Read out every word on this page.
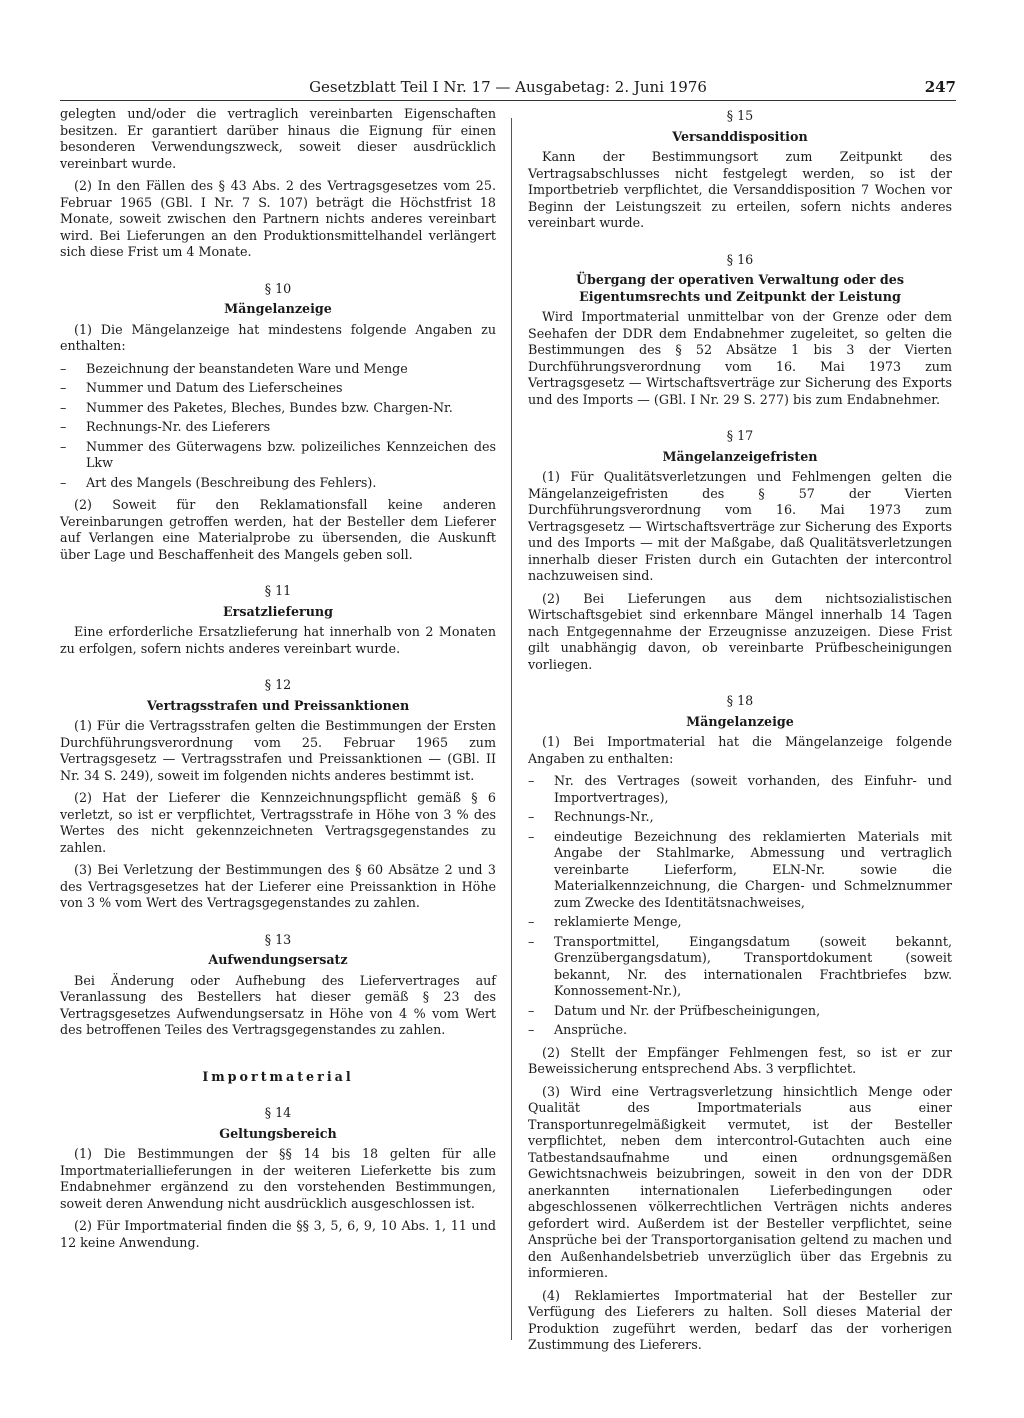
Gesetzblatt Teil I Nr. 17 — Ausgabetag: 2. Juni 1976	247

gelegten und/oder die vertraglich vereinbarten Eigenschaften besitzen. Er garantiert darüber hinaus die Eignung für einen besonderen Verwendungszweck, soweit dieser ausdrücklich vereinbart wurde.

(2) In den Fällen des § 43 Abs. 2 des Vertragsgesetzes vom 25. Februar 1965 (GBl. I Nr. 7 S. 107) beträgt die Höchstfrist 18 Monate, soweit zwischen den Partnern nichts anderes vereinbart wird. Bei Lieferungen an den Produktionsmittelhandel verlängert sich diese Frist um 4 Monate.

§ 10
Mängelanzeige

(1) Die Mängelanzeige hat mindestens folgende Angaben zu enthalten:

– Bezeichnung der beanstandeten Ware und Menge
– Nummer und Datum des Lieferscheines
– Nummer des Paketes, Bleches, Bundes bzw. Chargen-Nr.
– Rechnungs-Nr. des Lieferers
– Nummer des Güterwagens bzw. polizeiliches Kennzeichen des Lkw
– Art des Mangels (Beschreibung des Fehlers).

(2) Soweit für den Reklamationsfall keine anderen Vereinbarungen getroffen werden, hat der Besteller dem Lieferer auf Verlangen eine Materialprobe zu übersenden, die Auskunft über Lage und Beschaffenheit des Mangels geben soll.

§ 11
Ersatzlieferung

Eine erforderliche Ersatzlieferung hat innerhalb von 2 Monaten zu erfolgen, sofern nichts anderes vereinbart wurde.

§ 12
Vertragsstrafen und Preissanktionen

(1) Für die Vertragsstrafen gelten die Bestimmungen der Ersten Durchführungsverordnung vom 25. Februar 1965 zum Vertragsgesetz — Vertragsstrafen und Preissanktionen — (GBl. II Nr. 34 S. 249), soweit im folgenden nichts anderes bestimmt ist.

(2) Hat der Lieferer die Kennzeichnungspflicht gemäß § 6 verletzt, so ist er verpflichtet, Vertragsstrafe in Höhe von 3 % des Wertes des nicht gekennzeichneten Vertragsgegenstandes zu zahlen.

(3) Bei Verletzung der Bestimmungen des § 60 Absätze 2 und 3 des Vertragsgesetzes hat der Lieferer eine Preissanktion in Höhe von 3 % vom Wert des Vertragsgegenstandes zu zahlen.

§ 13
Aufwendungsersatz

Bei Änderung oder Aufhebung des Liefervertrages auf Veranlassung des Bestellers hat dieser gemäß § 23 des Vertragsgesetzes Aufwendungsersatz in Höhe von 4 % vom Wert des betroffenen Teiles des Vertragsgegenstandes zu zahlen.

Importmaterial
§ 14
Geltungsbereich

(1) Die Bestimmungen der §§ 14 bis 18 gelten für alle Importmateriallieferungen in der weiteren Lieferkette bis zum Endabnehmer ergänzend zu den vorstehenden Bestimmungen, soweit deren Anwendung nicht ausdrücklich ausgeschlossen ist.

(2) Für Importmaterial finden die §§ 3, 5, 6, 9, 10 Abs. 1, 11 und 12 keine Anwendung.

§ 15
Versanddisposition

Kann der Bestimmungsort zum Zeitpunkt des Vertragsabschlusses nicht festgelegt werden, so ist der Importbetrieb verpflichtet, die Versanddisposition 7 Wochen vor Beginn der Leistungszeit zu erteilen, sofern nichts anderes vereinbart wurde.

§ 16
Übergang der operativen Verwaltung oder des
Eigentumsrechts und Zeitpunkt der Leistung

Wird Importmaterial unmittelbar von der Grenze oder dem Seehafen der DDR dem Endabnehmer zugeleitet, so gelten die Bestimmungen des § 52 Absätze 1 bis 3 der Vierten Durchführungsverordnung vom 16. Mai 1973 zum Vertragsgesetz — Wirtschaftsverträge zur Sicherung des Exports und des Imports — (GBl. I Nr. 29 S. 277) bis zum Endabnehmer.

§ 17
Mängelanzeigefristen

(1) Für Qualitätsverletzungen und Fehlmengen gelten die Mängelanzeigefristen des § 57 der Vierten Durchführungsverordnung vom 16. Mai 1973 zum Vertragsgesetz — Wirtschaftsverträge zur Sicherung des Exports und des Imports — mit der Maßgabe, daß Qualitätsverletzungen innerhalb dieser Fristen durch ein Gutachten der intercontrol nachzuweisen sind.

(2) Bei Lieferungen aus dem nichtsozialistischen Wirtschaftsgebiet sind erkennbare Mängel innerhalb 14 Tagen nach Entgegennahme der Erzeugnisse anzuzeigen. Diese Frist gilt unabhängig davon, ob vereinbarte Prüfbescheinigungen vorliegen.

§ 18
Mängelanzeige

(1) Bei Importmaterial hat die Mängelanzeige folgende Angaben zu enthalten:

– Nr. des Vertrages (soweit vorhanden, des Einfuhr- und Importvertrages),
– Rechnungs-Nr.,
– eindeutige Bezeichnung des reklamierten Materials mit Angabe der Stahlmarke, Abmessung und vertraglich vereinbarte Lieferform, ELN-Nr. sowie die Materialkennzeichnung, die Chargen- und Schmelznummer zum Zwecke des Identitätsnachweises,
– reklamierte Menge,
– Transportmittel, Eingangsdatum (soweit bekannt, Grenzübergangsdatum), Transportdokument (soweit bekannt, Nr. des internationalen Frachtbriefes bzw. Konnossement-Nr.),
– Datum und Nr. der Prüfbescheinigungen,
– Ansprüche.

(2) Stellt der Empfänger Fehlmengen fest, so ist er zur Beweissicherung entsprechend Abs. 3 verpflichtet.

(3) Wird eine Vertragsverletzung hinsichtlich Menge oder Qualität des Importmaterials aus einer Transportunregelmäßigkeit vermutet, ist der Besteller verpflichtet, neben dem intercontrol-Gutachten auch eine Tatbestandsaufnahme und einen ordnungsgemäßen Gewichtsnachweis beizubringen, soweit in den von der DDR anerkannten internationalen Lieferbedingungen oder abgeschlossenen völkerrechtlichen Verträgen nichts anderes gefordert wird. Außerdem ist der Besteller verpflichtet, seine Ansprüche bei der Transportorganisation geltend zu machen und den Außenhandelsbetrieb unverzüglich über das Ergebnis zu informieren.

(4) Reklamiertes Importmaterial hat der Besteller zur Verfügung des Lieferers zu halten. Soll dieses Material der Produktion zugeführt werden, bedarf das der vorherigen Zustimmung des Lieferers.
